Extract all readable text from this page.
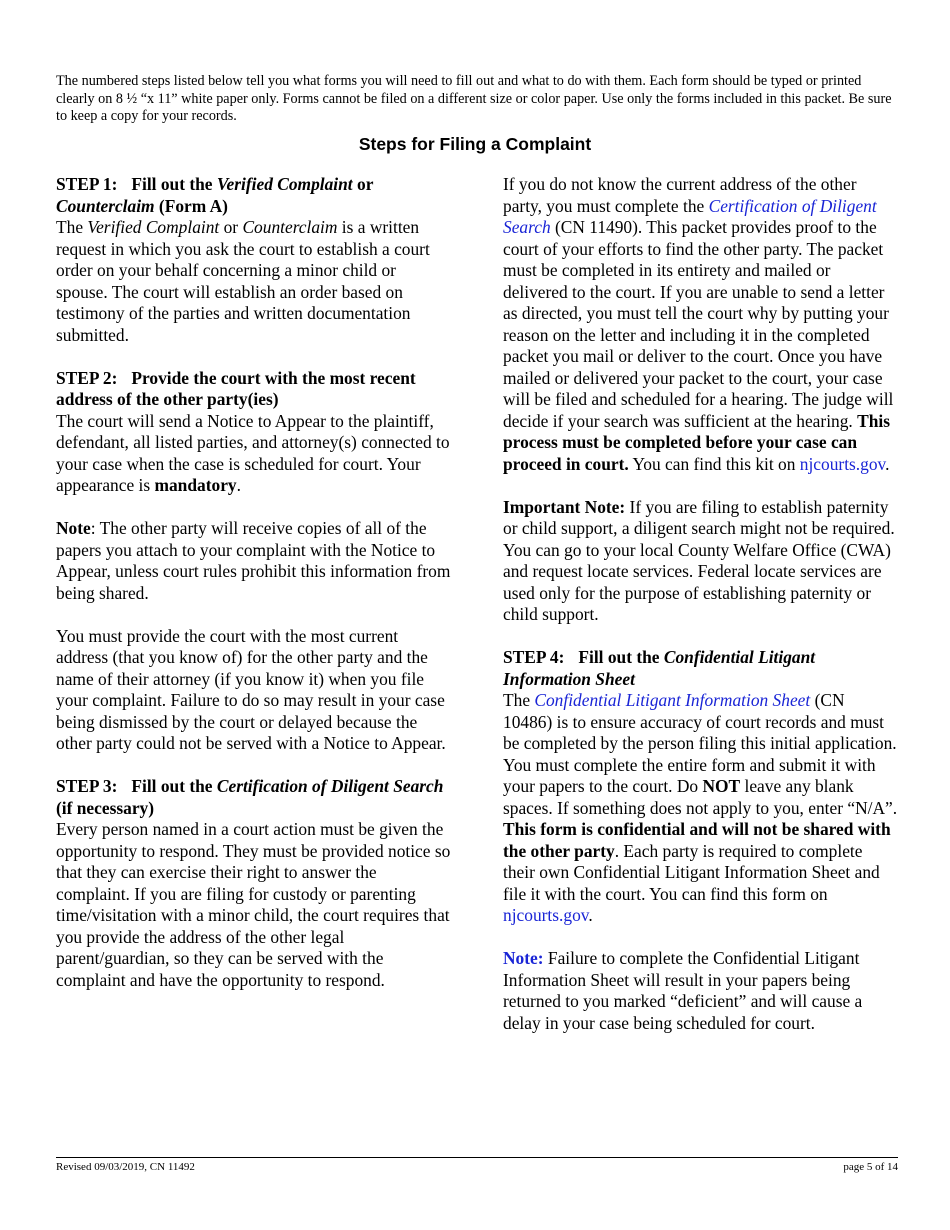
The numbered steps listed below tell you what forms you will need to fill out and what to do with them. Each form should be typed or printed clearly on 8 ½ “x 11” white paper only. Forms cannot be filed on a different size or color paper. Use only the forms included in this packet. Be sure to keep a copy for your records.
Steps for Filing a Complaint

STEP 1: Fill out the Verified Complaint or Counterclaim (Form A)

The Verified Complaint or Counterclaim is a written request in which you ask the court to establish a court order on your behalf concerning a minor child or spouse. The court will establish an order based on testimony of the parties and written documentation submitted.

STEP 2: Provide the court with the most recent address of the other party(ies)

The court will send a Notice to Appear to the plaintiff, defendant, all listed parties, and attorney(s) connected to your case when the case is scheduled for court. Your appearance is mandatory.

Note: The other party will receive copies of all of the papers you attach to your complaint with the Notice to Appear, unless court rules prohibit this information from being shared.

You must provide the court with the most current address (that you know of) for the other party and the name of their attorney (if you know it) when you file your complaint. Failure to do so may result in your case being dismissed by the court or delayed because the other party could not be served with a Notice to Appear.

STEP 3: Fill out the Certification of Diligent Search (if necessary)

Every person named in a court action must be given the opportunity to respond. They must be provided notice so that they can exercise their right to answer the complaint. If you are filing for custody or parenting time/visitation with a minor child, the court requires that you provide the address of the other legal parent/guardian, so they can be served with the complaint and have the opportunity to respond.

If you do not know the current address of the other party, you must complete the Certification of Diligent Search (CN 11490). This packet provides proof to the court of your efforts to find the other party. The packet must be completed in its entirety and mailed or delivered to the court. If you are unable to send a letter as directed, you must tell the court why by putting your reason on the letter and including it in the completed packet you mail or deliver to the court. Once you have mailed or delivered your packet to the court, your case will be filed and scheduled for a hearing. The judge will decide if your search was sufficient at the hearing. This process must be completed before your case can proceed in court. You can find this kit on njcourts.gov.

Important Note: If you are filing to establish paternity or child support, a diligent search might not be required. You can go to your local County Welfare Office (CWA) and request locate services. Federal locate services are used only for the purpose of establishing paternity or child support.

STEP 4: Fill out the Confidential Litigant Information Sheet

The Confidential Litigant Information Sheet (CN 10486) is to ensure accuracy of court records and must be completed by the person filing this initial application. You must complete the entire form and submit it with your papers to the court. Do NOT leave any blank spaces. If something does not apply to you, enter “N/A”. This form is confidential and will not be shared with the other party. Each party is required to complete their own Confidential Litigant Information Sheet and file it with the court. You can find this form on njcourts.gov.

Note: Failure to complete the Confidential Litigant Information Sheet will result in your papers being returned to you marked “deficient” and will cause a delay in your case being scheduled for court.

Revised 09/03/2019, CN 11492	page 5 of 14
